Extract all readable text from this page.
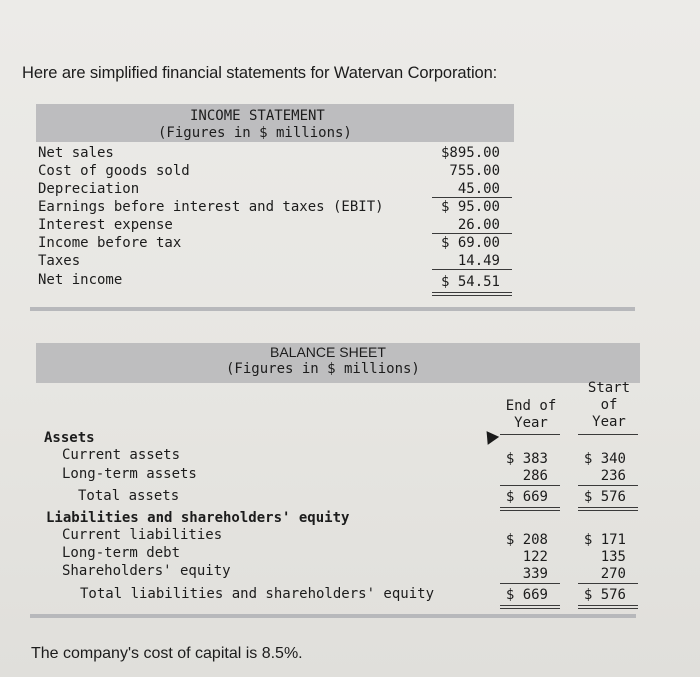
Here are simplified financial statements for Watervan Corporation:
INCOME STATEMENT
(Figures in $ millions)
Net sales	$895.00
Cost of goods sold	755.00
Depreciation	45.00
Earnings before interest and taxes (EBIT)	$ 95.00
Interest expense	26.00
Income before tax	$ 69.00
Taxes	14.49
Net income	$ 54.51
BALANCE SHEET
(Figures in $ millions)
End of
Year
Start
of
Year
Assets
Current assets	$ 383	$ 340
Long-term assets	286	236
Total assets	$ 669	$ 576
Liabilities and shareholders' equity
Current liabilities	$ 208	$ 171
Long-term debt	122	135
Shareholders' equity	339	270
Total liabilities and shareholders' equity	$ 669	$ 576
The company's cost of capital is 8.5%.
